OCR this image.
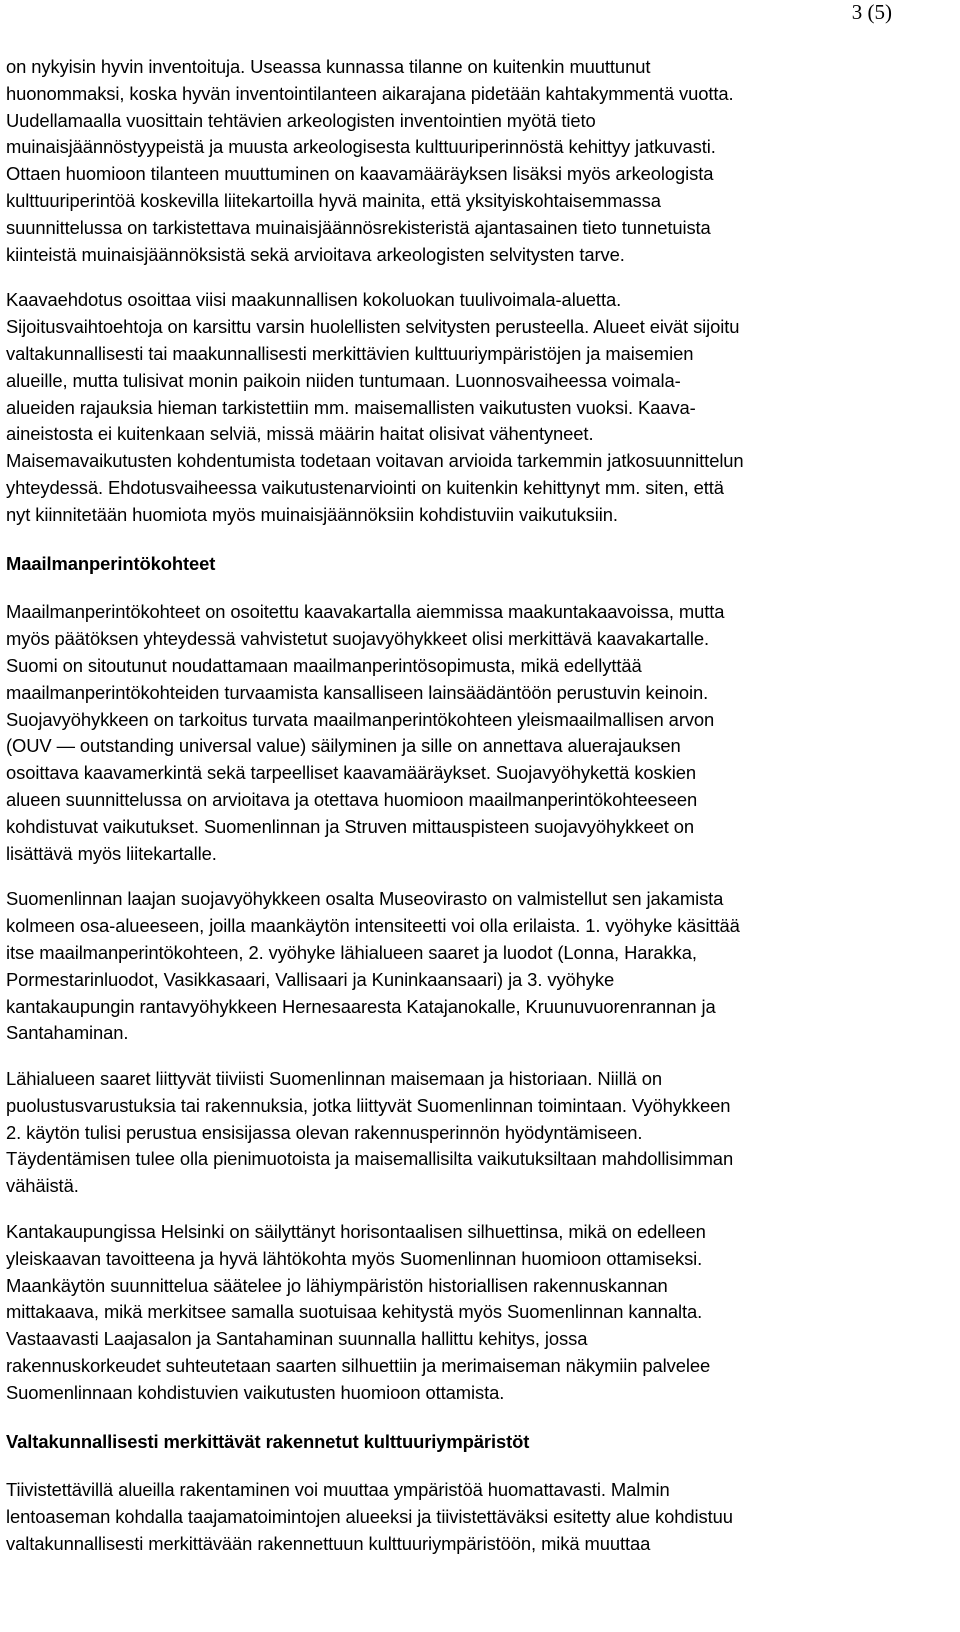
3 (5)

on nykyisin hyvin inventoituja. Useassa kunnassa tilanne on kuitenkin muuttunut
huonommaksi, koska hyvän inventointilanteen aikarajana pidetään kahtakymmentä vuotta.
Uudellamaalla vuosittain tehtävien arkeologisten inventointien myötä tieto
muinaisjäännöstyypeistä ja muusta arkeologisesta kulttuuriperinnöstä kehittyy jatkuvasti.
Ottaen huomioon tilanteen muuttuminen on kaavamääräyksen lisäksi myös arkeologista
kulttuuriperintöä koskevilla liitekartoilla hyvä mainita, että yksityiskohtaisemmassa
suunnittelussa on tarkistettava muinaisjäännösrekisteristä ajantasainen tieto tunnetuista
kiinteistä muinaisjäännöksistä sekä arvioitava arkeologisten selvitysten tarve.

Kaavaehdotus osoittaa viisi maakunnallisen kokoluokan tuulivoimala-aluetta.
Sijoitusvaihtoehtoja on karsittu varsin huolellisten selvitysten perusteella. Alueet eivät sijoitu
valtakunnallisesti tai maakunnallisesti merkittävien kulttuuriympäristöjen ja maisemien
alueille, mutta tulisivat monin paikoin niiden tuntumaan. Luonnosvaiheessa voimala-
alueiden rajauksia hieman tarkistettiin mm. maisemallisten vaikutusten vuoksi. Kaava-
aineistosta ei kuitenkaan selviä, missä määrin haitat olisivat vähentyneet.
Maisemavaikutusten kohdentumista todetaan voitavan arvioida tarkemmin jatkosuunnittelun
yhteydessä. Ehdotusvaiheessa vaikutustenarviointi on kuitenkin kehittynyt mm. siten, että
nyt kiinnitetään huomiota myös muinaisjäännöksiin kohdistuviin vaikutuksiin.

Maailmanperintökohteet

Maailmanperintökohteet on osoitettu kaavakartalla aiemmissa maakuntakaavoissa, mutta
myös päätöksen yhteydessä vahvistetut suojavyöhykkeet olisi merkittävä kaavakartalle.
Suomi on sitoutunut noudattamaan maailmanperintösopimusta, mikä edellyttää
maailmanperintökohteiden turvaamista kansalliseen lainsäädäntöön perustuvin keinoin.
Suojavyöhykkeen on tarkoitus turvata maailmanperintökohteen yleismaailmallisen arvon
(OUV — outstanding universal value) säilyminen ja sille on annettava aluerajauksen
osoittava kaavamerkintä sekä tarpeelliset kaavamääräykset. Suojavyöhykettä koskien
alueen suunnittelussa on arvioitava ja otettava huomioon maailmanperintökohteeseen
kohdistuvat vaikutukset. Suomenlinnan ja Struven mittauspisteen suojavyöhykkeet on
lisättävä myös liitekartalle.

Suomenlinnan laajan suojavyöhykkeen osalta Museovirasto on valmistellut sen jakamista
kolmeen osa-alueeseen, joilla maankäytön intensiteetti voi olla erilaista. 1. vyöhyke käsittää
itse maailmanperintökohteen, 2. vyöhyke lähialueen saaret ja luodot (Lonna, Harakka,
Pormestarinluodot, Vasikkasaari, Vallisaari ja Kuninkaansaari) ja 3. vyöhyke
kantakaupungin rantavyöhykkeen Hernesaaresta Katajanokalle, Kruunuvuorenrannan ja
Santahaminan.

Lähialueen saaret liittyvät tiiviisti Suomenlinnan maisemaan ja historiaan. Niillä on
puolustusvarustuksia tai rakennuksia, jotka liittyvät Suomenlinnan toimintaan. Vyöhykkeen
2. käytön tulisi perustua ensisijassa olevan rakennusperinnön hyödyntämiseen.
Täydentämisen tulee olla pienimuotoista ja maisemallisilta vaikutuksiltaan mahdollisimman
vähäistä.

Kantakaupungissa Helsinki on säilyttänyt horisontaalisen silhuettinsa, mikä on edelleen
yleiskaavan tavoitteena ja hyvä lähtökohta myös Suomenlinnan huomioon ottamiseksi.
Maankäytön suunnittelua säätelee jo lähiympäristön historiallisen rakennuskannan
mittakaava, mikä merkitsee samalla suotuisaa kehitystä myös Suomenlinnan kannalta.
Vastaavasti Laajasalon ja Santahaminan suunnalla hallittu kehitys, jossa
rakennuskorkeudet suhteutetaan saarten silhuettiin ja merimaiseman näkymiin palvelee
Suomenlinnaan kohdistuvien vaikutusten huomioon ottamista.

Valtakunnallisesti merkittävät rakennetut kulttuuriympäristöt

Tiivistettävillä alueilla rakentaminen voi muuttaa ympäristöä huomattavasti. Malmin
lentoaseman kohdalla taajamatoimintojen alueeksi ja tiivistettäväksi esitetty alue kohdistuu
valtakunnallisesti merkittävään rakennettuun kulttuuriympäristöön, mikä muuttaa
